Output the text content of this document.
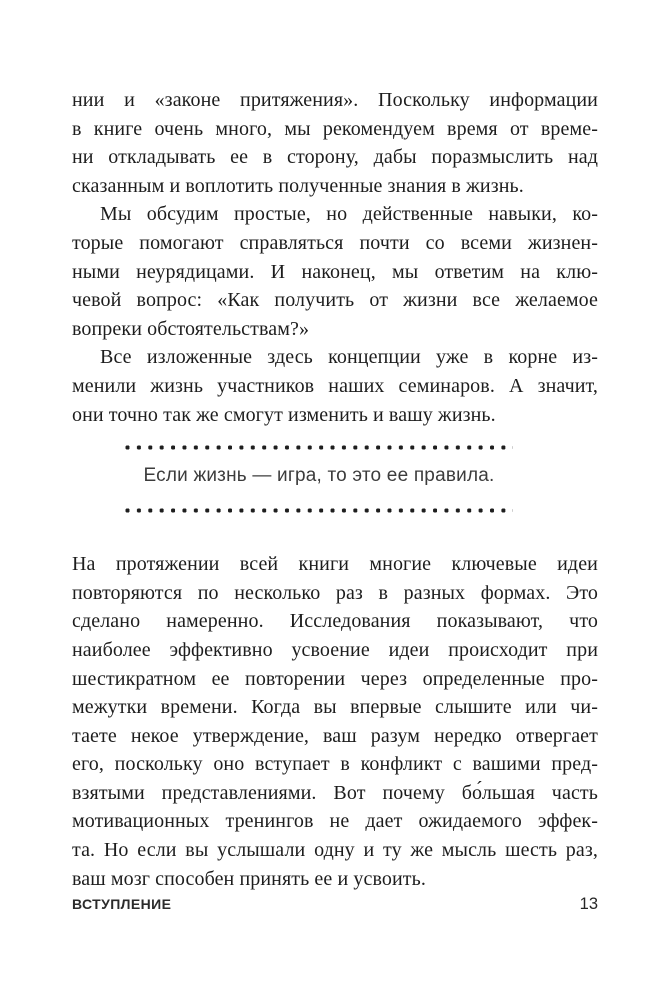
нии и «законе притяжения». Поскольку информации
в книге очень много, мы рекомендуем время от време-
ни откладывать ее в сторону, дабы поразмыслить над
сказанным и воплотить полученные знания в жизнь.
Мы обсудим простые, но действенные навыки, ко-
торые помогают справляться почти со всеми жизнен-
ными неурядицами. И наконец, мы ответим на клю-
чевой вопрос: «Как получить от жизни все желаемое
вопреки обстоятельствам?»
Все изложенные здесь концепции уже в корне из-
менили жизнь участников наших семинаров. А значит,
они точно так же смогут изменить и вашу жизнь.
Если жизнь — игра, то это ее правила.
На протяжении всей книги многие ключевые идеи
повторяются по несколько раз в разных формах. Это
сделано намеренно. Исследования показывают, что
наиболее эффективно усвоение идеи происходит при
шестикратном ее повторении через определенные про-
межутки времени. Когда вы впервые слышите или чи-
таете некое утверждение, ваш разум нередко отвергает
его, поскольку оно вступает в конфликт с вашими пред-
взятыми представлениями. Вот почему бо́льшая часть
мотивационных тренингов не дает ожидаемого эффек-
та. Но если вы услышали одну и ту же мысль шесть раз,
ваш мозг способен принять ее и усвоить.
ВСТУПЛЕНИЕ	13
